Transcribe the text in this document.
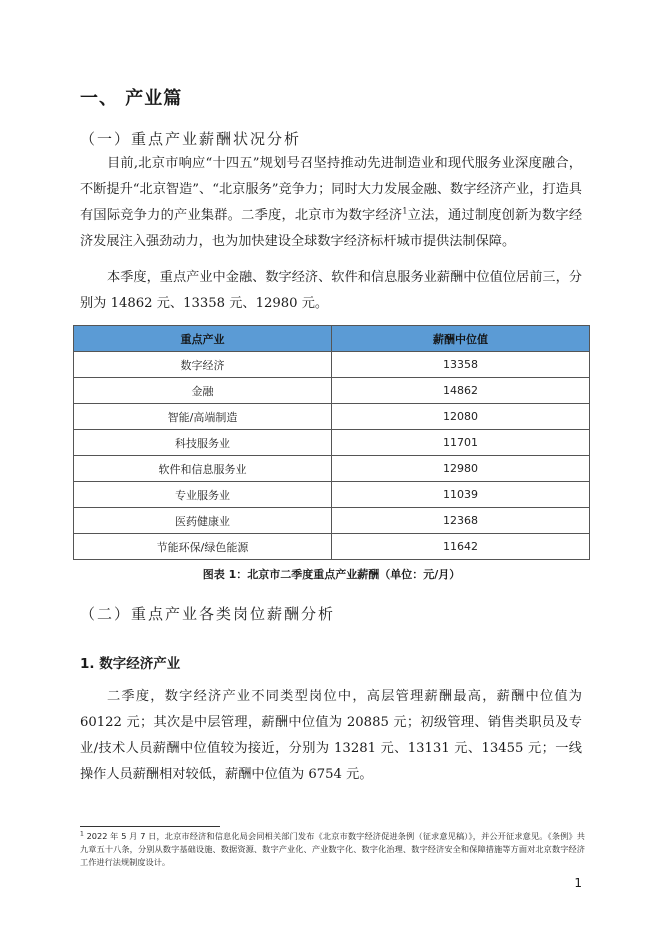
一、 产业篇
（一）重点产业薪酬状况分析
目前,北京市响应“十四五”规划号召坚持推动先进制造业和现代服务业深度融合，不断提升“北京智造”、“北京服务”竞争力；同时大力发展金融、数字经济产业，打造具有国际竞争力的产业集群。二季度，北京市为数字经济$^1$立法，通过制度创新为数字经济发展注入强劲动力，也为加快建设全球数字经济标杆城市提供法制保障。
本季度，重点产业中金融、数字经济、软件和信息服务业薪酬中位值位居前三，分别为 14862 元、13358 元、12980 元。
重点产业	薪酬中位值
数字经济	13358
金融	14862
智能/高端制造	12080
科技服务业	11701
软件和信息服务业	12980
专业服务业	11039
医药健康业	12368
节能环保/绿色能源	11642
图表 1：北京市二季度重点产业薪酬（单位：元/月）
（二）重点产业各类岗位薪酬分析
1. 数字经济产业
二季度，数字经济产业不同类型岗位中，高层管理薪酬最高，薪酬中位值为 60122 元；其次是中层管理，薪酬中位值为 20885 元；初级管理、销售类职员及专业/技术人员薪酬中位值较为接近，分别为 13281 元、13131 元、13455 元；一线操作人员薪酬相对较低，薪酬中位值为 6754 元。
$^1$ 2022 年 5 月 7 日，北京市经济和信息化局会同相关部门发布《北京市数字经济促进条例（征求意见稿）》，并公开征求意见。《条例》共九章五十八条，分别从数字基础设施、数据资源、数字产业化、产业数字化、数字化治理、数字经济安全和保障措施等方面对北京数字经济工作进行法规制度设计。
1
